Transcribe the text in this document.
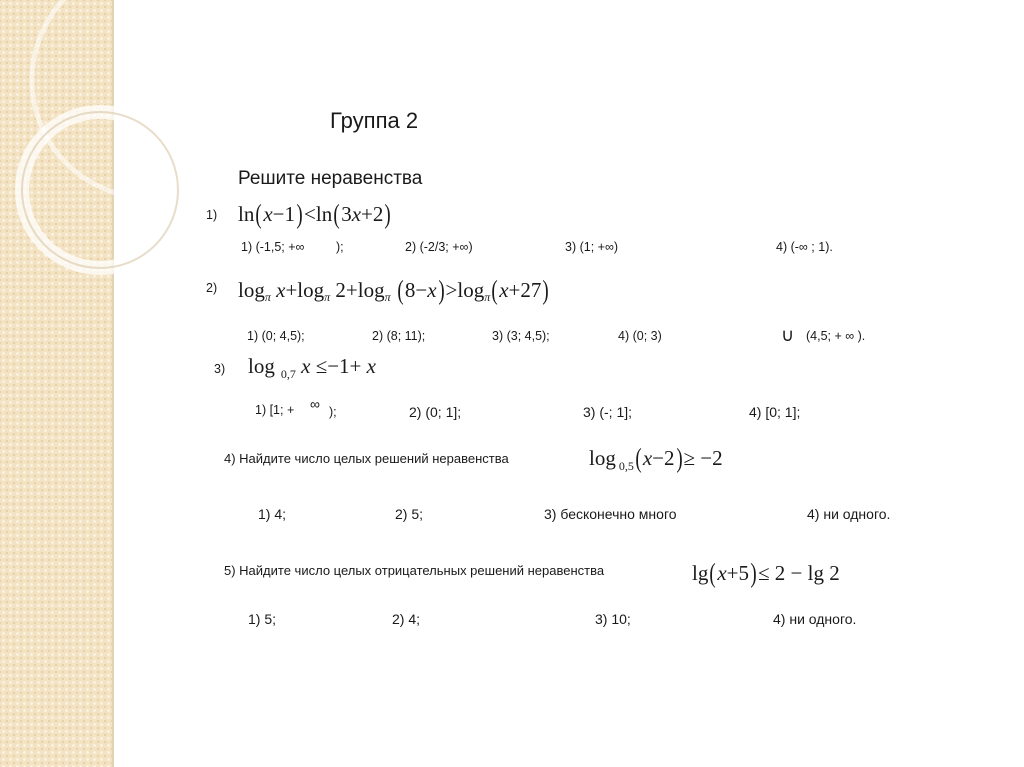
Группа 2
Решите неравенства
1) ln(x−1)<ln(3x+2)
1) (-1,5; +∞	);	2) (-2/3; +∞)	3) (1; +∞)	4) (-∞ ; 1).
2) $\log_\pi x+\log_\pi$ $2+\log_\pi$ $(8-x)>\log_\pi(x+27)$
1) (0; 4,5);	2) (8; 11);	3) (3; 4,5);	4) (0; 3)	∪ (4,5; + ∞ ).
3) log $_{0,7}$ x ≤−1+ x
1) [1; + ∞ );	2) (0; 1];	3) (-; 1];	4) [0; 1];
4) Найдите число целых решений неравенства	log $_{0,5}$(x−2)≥ −2
1) 4;	2) 5;	3) бесконечно много	4) ни одного.
5) Найдите число целых отрицательных решений неравенства	lg(x+5)≤ 2 − lg 2
1) 5;	2) 4;	3) 10;	4) ни одного.
